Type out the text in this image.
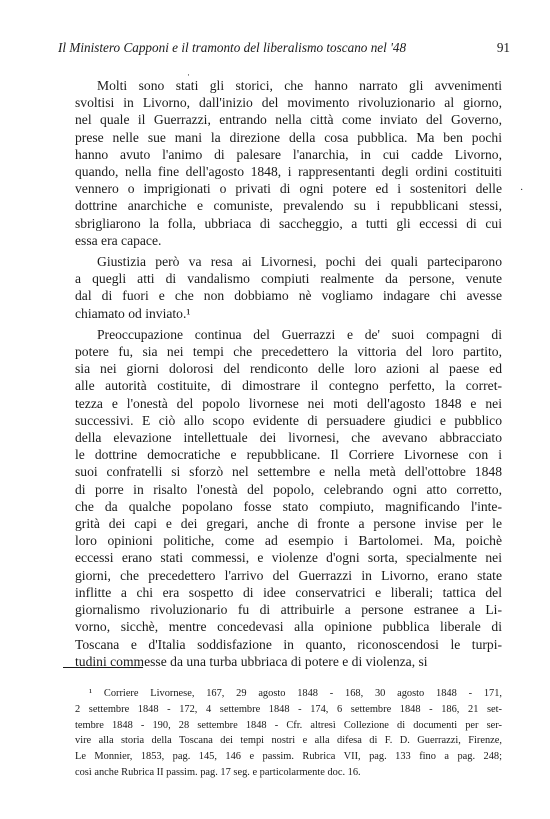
Il Ministero Capponi e il tramonto del liberalismo toscano nel '48	91
·
·

Molti sono stati gli storici, che hanno narrato gli avvenimenti
svoltisi in Livorno, dall'inizio del movimento rivoluzionario al giorno,
nel quale il Guerrazzi, entrando nella città come inviato del Governo,
prese nelle sue mani la direzione della cosa pubblica. Ma ben pochi
hanno avuto l'animo di palesare l'anarchia, in cui cadde Livorno,
quando, nella fine dell'agosto 1848, i rappresentanti degli ordini costituiti
vennero o imprigionati o privati di ogni potere ed i sostenitori delle
dottrine anarchiche e comuniste, prevalendo su i repubblicani stessi,
sbrigliarono la folla, ubbriaca di saccheggio, a tutti gli eccessi di cui
essa era capace.

Giustizia però va resa ai Livornesi, pochi dei quali parteciparono
a quegli atti di vandalismo compiuti realmente da persone, venute
dal di fuori e che non dobbiamo nè vogliamo indagare chi avesse
chiamato od inviato.¹

Preoccupazione continua del Guerrazzi e de' suoi compagni di
potere fu, sia nei tempi che precedettero la vittoria del loro partito,
sia nei giorni dolorosi del rendiconto delle loro azioni al paese ed
alle autorità costituite, di dimostrare il contegno perfetto, la corret-
tezza e l'onestà del popolo livornese nei moti dell'agosto 1848 e nei
successivi. E ciò allo scopo evidente di persuadere giudici e pubblico
della elevazione intellettuale dei livornesi, che avevano abbracciato
le dottrine democratiche e repubblicane. Il Corriere Livornese con i
suoi confratelli si sforzò nel settembre e nella metà dell'ottobre 1848
di porre in risalto l'onestà del popolo, celebrando ogni atto corretto,
che da qualche popolano fosse stato compiuto, magnificando l'inte-
grità dei capi e dei gregari, anche di fronte a persone invise per le
loro opinioni politiche, come ad esempio i Bartolomei. Ma, poichè
eccessi erano stati commessi, e violenze d'ogni sorta, specialmente nei
giorni, che precedettero l'arrivo del Guerrazzi in Livorno, erano state
inflitte a chi era sospetto di idee conservatrici e liberali; tattica del
giornalismo rivoluzionario fu di attribuirle a persone estranee a Li-
vorno, sicchè, mentre concedevasi alla opinione pubblica liberale di
Toscana e d'Italia soddisfazione in quanto, riconoscendosi le turpi-
tudini commesse da una turba ubbriaca di potere e di violenza, si

¹ Corriere Livornese, 167, 29 agosto 1848 - 168, 30 agosto 1848 - 171,
2 settembre 1848 - 172, 4 settembre 1848 - 174, 6 settembre 1848 - 186, 21 set-
tembre 1848 - 190, 28 settembre 1848 - Cfr. altresì Collezione di documenti per ser-
vire alla storia della Toscana dei tempi nostri e alla difesa di F. D. Guerrazzi, Firenze,
Le Monnier, 1853, pag. 145, 146 e passim. Rubrica VII, pag. 133 fino a pag. 248;
così anche Rubrica II passim. pag. 17 seg. e particolarmente doc. 16.
